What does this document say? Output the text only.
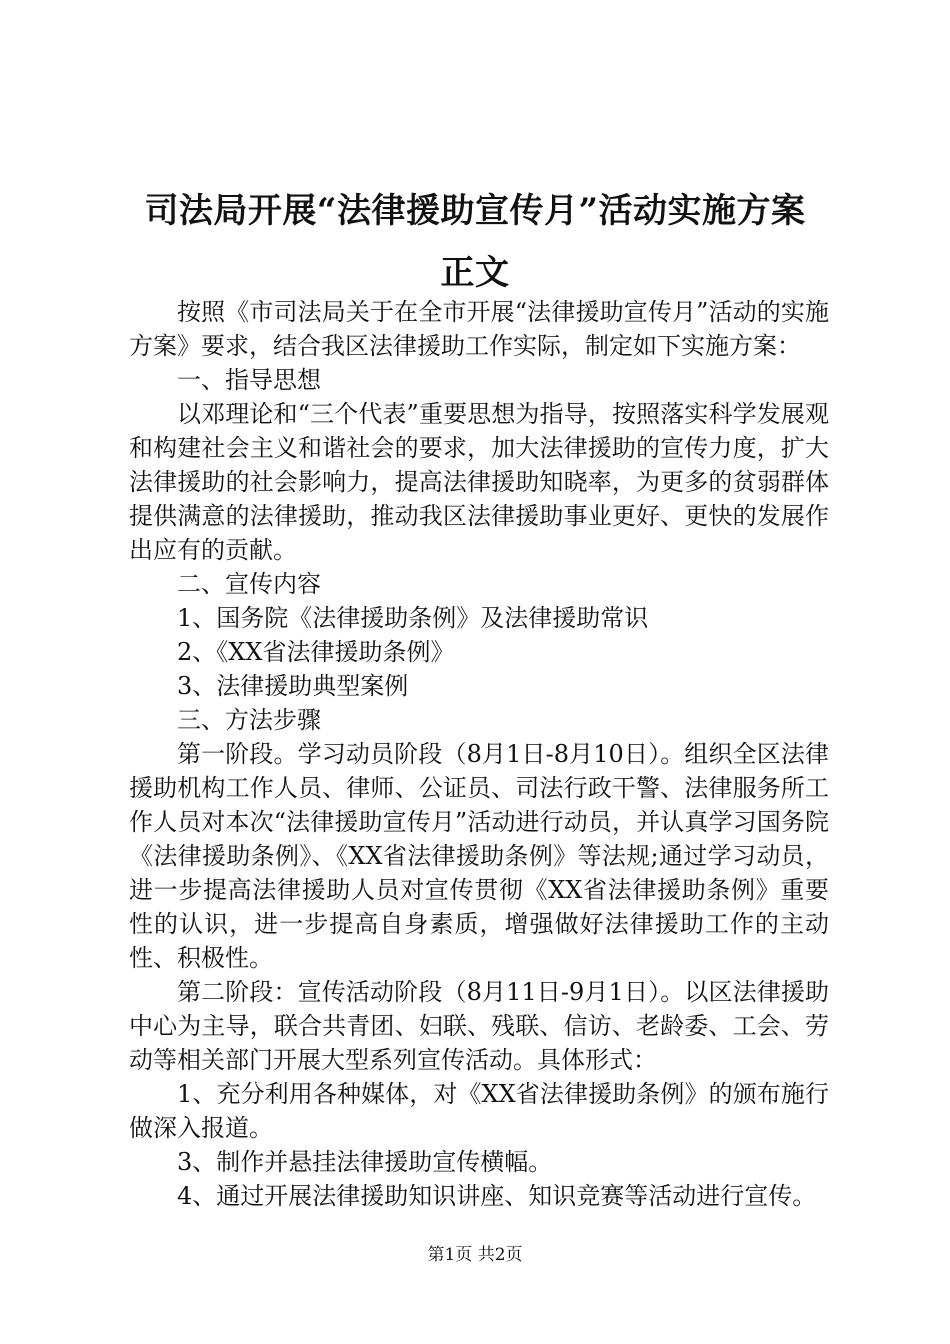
司法局开展“法律援助宣传月”活动实施方案
正文

按照《市司法局关于在全市开展“法律援助宣传月”活动的实施方案》要求，结合我区法律援助工作实际，制定如下实施方案：

一、指导思想

以邓理论和“三个代表”重要思想为指导，按照落实科学发展观和构建社会主义和谐社会的要求，加大法律援助的宣传力度，扩大法律援助的社会影响力，提高法律援助知晓率，为更多的贫弱群体提供满意的法律援助，推动我区法律援助事业更好、更快的发展作出应有的贡献。

二、宣传内容

1、国务院《法律援助条例》及法律援助常识

2、《XX省法律援助条例》

3、法律援助典型案例

三、方法步骤

第一阶段。学习动员阶段（8月1日-8月10日）。组织全区法律援助机构工作人员、律师、公证员、司法行政干警、法律服务所工作人员对本次“法律援助宣传月”活动进行动员，并认真学习国务院《法律援助条例》、《XX省法律援助条例》等法规;通过学习动员，进一步提高法律援助人员对宣传贯彻《XX省法律援助条例》重要性的认识，进一步提高自身素质，增强做好法律援助工作的主动性、积极性。

第二阶段：宣传活动阶段（8月11日-9月1日）。以区法律援助中心为主导，联合共青团、妇联、残联、信访、老龄委、工会、劳动等相关部门开展大型系列宣传活动。具体形式：

1、充分利用各种媒体，对《XX省法律援助条例》的颁布施行做深入报道。

3、制作并悬挂法律援助宣传横幅。

4、通过开展法律援助知识讲座、知识竞赛等活动进行宣传。

第1页 共2页
